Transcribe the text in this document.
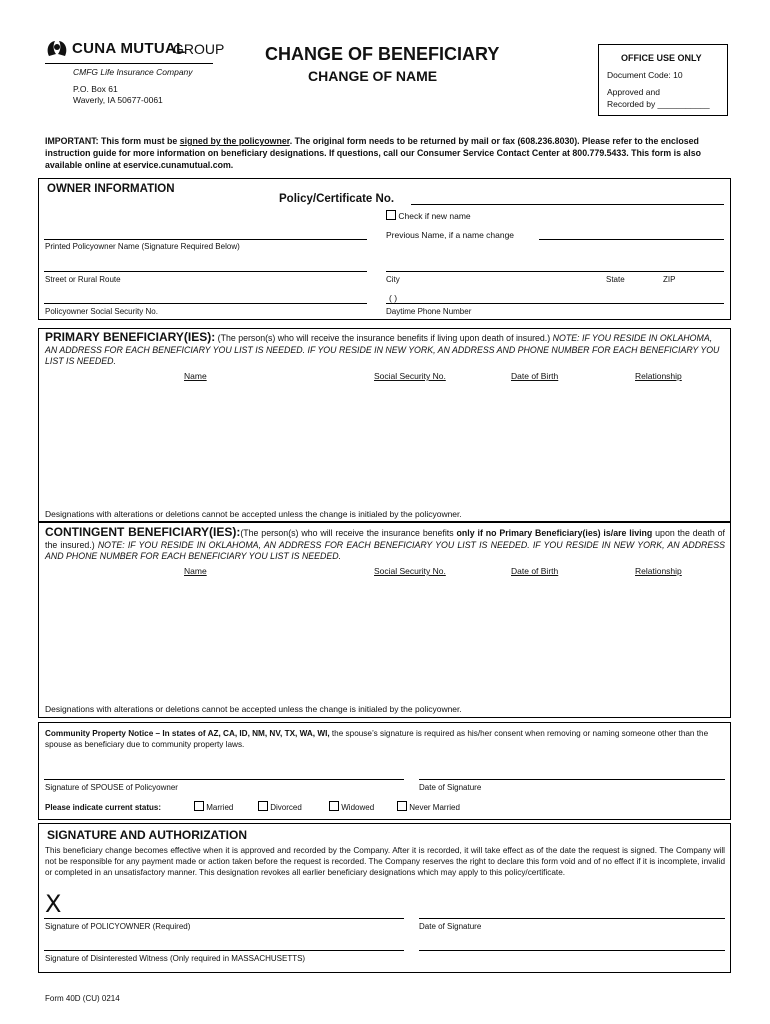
CUNA MUTUAL
GROUP
CMFG Life Insurance Company
P.O. Box 61
Waverly, IA 50677-0061
CHANGE OF BENEFICIARY
CHANGE OF NAME
OFFICE USE ONLY
Document Code: 10
Approved and
Recorded by ___________
IMPORTANT: This form must be signed by the policyowner. The original form needs to be returned by mail or fax (608.236.8030). Please refer to the enclosed instruction guide for more information on beneficiary designations. If questions, call our Consumer Service Contact Center at 800.779.5433. This form is also available online at eservice.cunamutual.com.
OWNER INFORMATION
Policy/Certificate No.
Check if new name
Previous Name, if a name change
Printed Policyowner Name (Signature Required Below)
Street or Rural Route	City	State	ZIP
Policyowner Social Security No.
( )
Daytime Phone Number
PRIMARY BENEFICIARY(IES): (The person(s) who will receive the insurance benefits if living upon death of insured.) NOTE: IF YOU RESIDE IN OKLAHOMA, AN ADDRESS FOR EACH BENEFICIARY YOU LIST IS NEEDED. IF YOU RESIDE IN NEW YORK, AN ADDRESS AND PHONE NUMBER FOR EACH BENEFICIARY YOU LIST IS NEEDED.
Name	Social Security No.	Date of Birth	Relationship
Designations with alterations or deletions cannot be accepted unless the change is initialed by the policyowner.
CONTINGENT BENEFICIARY(IES):(The person(s) who will receive the insurance benefits only if no Primary Beneficiary(ies) is/are living upon the death of the insured.) NOTE: IF YOU RESIDE IN OKLAHOMA, AN ADDRESS FOR EACH BENEFICIARY YOU LIST IS NEEDED. IF YOU RESIDE IN NEW YORK, AN ADDRESS AND PHONE NUMBER FOR EACH BENEFICIARY YOU LIST IS NEEDED.
Name	Social Security No.	Date of Birth	Relationship
Designations with alterations or deletions cannot be accepted unless the change is initialed by the policyowner.
Community Property Notice – In states of AZ, CA, ID, NM, NV, TX, WA, WI, the spouse’s signature is required as his/her consent when removing or naming someone other than the spouse as beneficiary due to community property laws.
Signature of SPOUSE of Policyowner	Date of Signature
Please indicate current status:	Married	Divorced	Widowed	Never Married
SIGNATURE AND AUTHORIZATION
This beneficiary change becomes effective when it is approved and recorded by the Company. After it is recorded, it will take effect as of the date the request is signed. The Company will not be responsible for any payment made or action taken before the request is recorded. The Company reserves the right to declare this form void and of no effect if it is incomplete, invalid or completed in an unsatisfactory manner. This designation revokes all earlier beneficiary designations which may apply to this policy/certificate.
X
Signature of POLICYOWNER (Required)	Date of Signature
Signature of Disinterested Witness (Only required in MASSACHUSETTS)
Form 40D (CU) 0214
